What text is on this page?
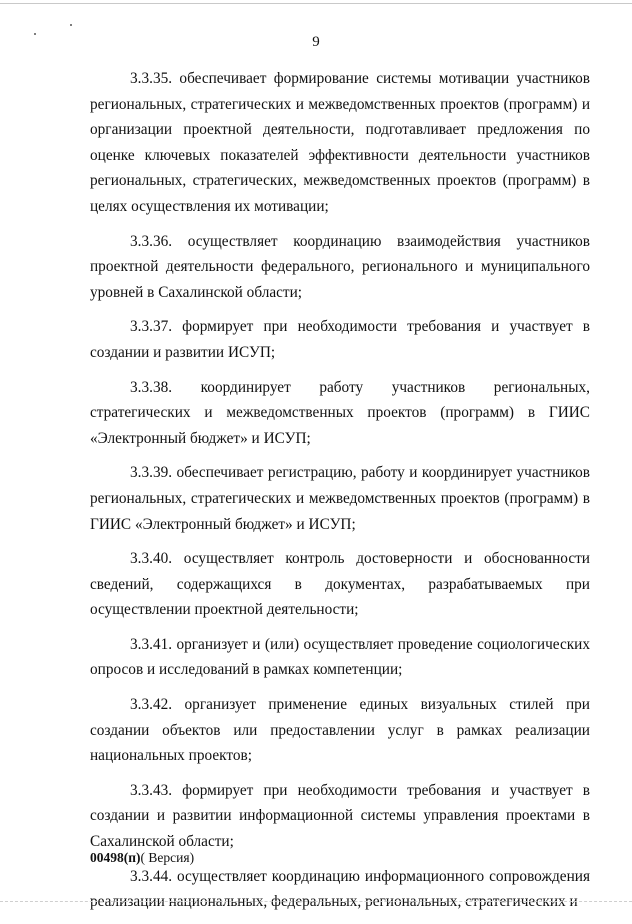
9

3.3.35. обеспечивает формирование системы мотивации участников региональных, стратегических и межведомственных проектов (программ) и организации проектной деятельности, подготавливает предложения по оценке ключевых показателей эффективности деятельности участников региональных, стратегических, межведомственных проектов (программ) в целях осуществления их мотивации;

3.3.36. осуществляет координацию взаимодействия участников проектной деятельности федерального, регионального и муниципального уровней в Сахалинской области;

3.3.37. формирует при необходимости требования и участвует в создании и развитии ИСУП;

3.3.38. координирует работу участников региональных, стратегических и межведомственных проектов (программ) в ГИИС «Электронный бюджет» и ИСУП;

3.3.39. обеспечивает регистрацию, работу и координирует участников региональных, стратегических и межведомственных проектов (программ) в ГИИС «Электронный бюджет» и ИСУП;

3.3.40. осуществляет контроль достоверности и обоснованности сведений, содержащихся в документах, разрабатываемых при осуществлении проектной деятельности;

3.3.41. организует и (или) осуществляет проведение социологических опросов и исследований в рамках компетенции;

3.3.42. организует применение единых визуальных стилей при создании объектов или предоставлении услуг в рамках реализации национальных проектов;

3.3.43. формирует при необходимости требования и участвует в создании и развитии информационной системы управления проектами в Сахалинской области;

3.3.44. осуществляет координацию информационного сопровождения реализации национальных, федеральных, региональных, стратегических и

00498(п)( Версия)
